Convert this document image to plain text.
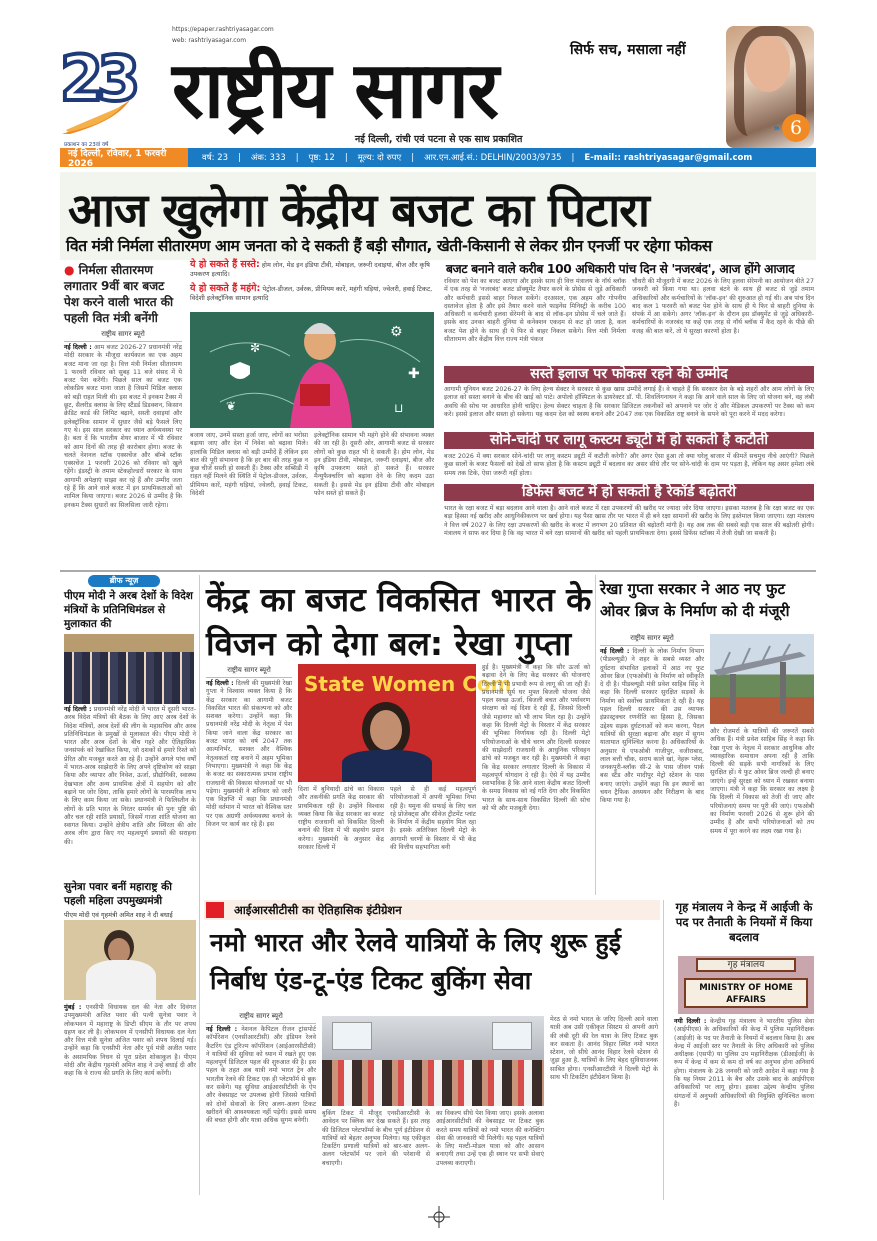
https://epaper.rashtriyasagar.com
web: rashtriyasagar.com
23
प्रकाशन का 23वां वर्ष
राष्ट्रीय सागर	सिर्फ सच, मसाला नहीं
नई दिल्ली, रांची एवं पटना से एक साथ प्रकाशित
6
»
नई दिल्ली, रविवार, 1 फरवरी 2026
वर्ष: 23 | अंक: 333 | पृष्ठ: 12 | मूल्य: दो रुपए | आर.एन.आई.सं.: DELHIN/2003/9735 | E-mail:: rashtriyasagar@gmail.com
आज खुलेगा केंद्रीय बजट का पिटारा
वित मंत्री निर्मला सीतारमण आम जनता को दे सकती हैं बड़ी सौगात, खेती-किसानी से लेकर ग्रीन एनर्जी पर रहेगा फोकस
● निर्मला सीतारमण लगातार 9वीं बार बजट पेश करने वाली भारत की पहली वित मंत्री बनेंगी
राष्ट्रीय सागर ब्यूरो
नई दिल्ली : आम बजट 2026-27 प्रधानमंत्री नरेंद्र मोदी सरकार के मौजूदा कार्यकाल का एक अहम बजट माना जा रहा है। वित्त मंत्री निर्मला सीतारमण 1 फरवरी रविवार को सुबह 11 बजे संसद में ये बजट पेश करेंगी। पिछले साल का बजट एक लोकप्रिय बजट माना जाता है जिसमें मिडिल क्लास को बड़ी राहत मिली थी। इस बजट में इनकम टैक्स में छूट, सैलरीड क्लास के लिए स्टैंडर्ड डिडक्शन, किसान क्रेडिट कार्ड की लिमिट बढ़ाने, सस्ती दवाइयां और इलेक्ट्रॉनिक सामान में सुधार जैसे बड़े फैसले लिए गए थे। इस साल सरकार का ध्यान अर्थव्यवस्था पर है। बता दें कि भारतीय शेयर बाजार में भी रविवार को आम दिनों की तरह ही कारोबार होगा। बजट के चलते नेशनल स्टॉक एक्सचेंज और बॉम्बे स्टॉक एक्सचेंज 1 फरवरी 2026 को रविवार को खुले रहेंगे। इंडस्ट्री के तमाम स्टेकहोल्डरों सरकार के साथ आगामी अपेक्षाएं साझा कर रहे हैं और उम्मीद जता रहे हैं कि आने वाले बजट में इन प्राथमिकताओं को शामिल किया जाएगा। बजट 2026 से उम्मीद है कि इनकम टैक्स सुधारों का सिलसिला जारी रहेगा।
ये हो सकते हैं सस्ते: होम लोन, मेड इन इंडिया टीवी, मोबाइल, जरूरी दवाइयां, बीज और कृषि उपकरण इत्यादि।
ये हो सकते हैं महंगे: पेट्रोल-डीजल, उर्वरक, प्रीमियम कारें, महंगी घड़ियां, ज्वेलरी, हवाई टिकट, विदेशी इलेक्ट्रॉनिक सामान इत्यादि
✼
⚙
✚
⊔
❦
बजाय जाए, उनमें सस्ता हर्जा जाए, लोगों का भरोसा बढ़ाया जाए और देश में निवेश को बढ़ावा मिले। हालांकि मिडिल क्लास को बड़ी उम्मीदें हैं लेकिन इस बात की पूरी संभावना है कि हर बार की तरह कुछ न कुछ चीजें सस्ती हो सकती हैं। टैक्स और सब्सिडी में राहत नहीं मिलने की स्थिति में पेट्रोल-डीजल, उर्वरक, प्रीमियम कारें, महंगी घड़ियां, ज्वेलरी, हवाई टिकट, विदेशी
इलेक्ट्रॉनिक सामान भी महंगे होने की संभावना व्यक्त की जा रही है। दूसरी ओर, आगामी बजट से सरकार लोगों को कुछ राहत भी दे सकती है। होम लोन, मेड इन इंडिया टीवी, मोबाइल, जरूरी दवाइयां, बीज और कृषि उपकरण सस्ते हो सकते हैं। सरकार मैन्युफैक्चरिंग को बढ़ावा देने के लिए कदम उठा सकती है। इससे मेड इन इंडिया टीवी और मोबाइल फोन सस्ते हो सकते हैं।
बजट बनाने वाले करीब 100 अधिकारी पांच दिन से 'नजरबंद', आज होंगे आजाद
रविवार को पेश का बजट आएगा और इसके साथ ही वित्त मंत्रालय के नॉर्थ ब्लॉक में एक तरह से 'नजरबंद' बजट डॉक्यूमेंट तैयार करने के प्रोसेस से जुड़े अधिकारी और कर्मचारी इससे बाहर निकल सकेंगे। दरअसल, एक अहम और गोपनीय दस्तावेज होता है और इसे तैयार करने वाले फाइनेंस मिनिस्ट्री के करीब 100 अधिकारी व कर्मचारी हलवा सेरेमनी के बाद से लॉक-इन प्रोसेस में चले जाते हैं। इसके बाद उनका बाहरी दुनिया से कनेक्शन एकदम से कट हो जाता है, कल बजट पेश होने के साथ ही ये फिर से बाहर निकल सकेंगे। वित्त मंत्री निर्मला सीतारमण और केंद्रीय वित्त राज्य मंत्री पंकज
चौधरी की मौजूदगी में बजट 2026 के लिए हलवा सेरेमनी का आयोजन बीते 27 जनवरी को किया गया था। हलवा बंटने के साथ ही बजट से जुड़े तमाम अधिकारियों और कर्मचारियों के 'लॉक-इन' की शुरुआत हो गई थी। अब पांच दिन बाद कल 1 फरवरी को बजट पेश होने के साथ ही ये फिर से बाहरी दुनिया के संपर्क में आ सकेंगे। अगर 'लॉक-इन' के दौरान इस डॉक्युमेंट से जुड़े अधिकारी-कर्मचारियों के नजरबंद या कहें एक तरह से नॉर्थ ब्लॉक में कैद रहने के पीछे की वजह की बात करें, तो ये सुरक्षा कारणों होता है।
सस्ते इलाज पर फोकस रहने की उम्मीद
आगामी यूनियन बजट 2026-27 के लिए हेल्थ सेक्टर ने सरकार से कुछ खास उम्मीदें लगाई हैं। वे चाहते हैं कि सरकार देश के बड़े शहरों और आम लोगों के लिए इलाज को सस्ता बनाने के बीच की खाई को पाटे। अपोलो हॉस्पिटल के डायरेक्टर डॉ. पी. शिवलिंगनाथन ने कहा कि आने वाले साल के लिए जो योजना बने, वह लंबी अवधि की सोच पर आधारित होनी चाहिए। हेल्थ सेक्टर चाहता है कि सरकार डिजिटल तकनीकों को अपनाने पर जोर दे और मेडिकल उपकरणों पर टैक्स को कम करे। इससे इलाज और सस्ता हो सकेगा। यह कदम देश को स्वस्थ बनाने और 2047 तक एक विकसित राष्ट्र बनाने के सपने को पूरा करने में मदद करेगा।
सोने-चांदी पर लागू कस्टम ड्यूटी में हो सकती है कटौती
बजट 2026 में क्या सरकार सोने-चांदी पर लागू कस्टम ड्यूटी में कटौती करेगी? और अगर ऐसा हुआ तो क्या घरेलू बाजार में कीमतें सचमुच नीचे आएंगी? पिछले कुछ सालों के बजट फैसलों को देखें तो साफ होता है कि कस्टम ड्यूटी में बदलाव का असर सीधे तौर पर सोने-चांदी के दाम पर पड़ता है, लेकिन यह असर हमेशा लंबे समय तक टिके, ऐसा जरूरी नहीं होता।
डिफेंस बजट में हो सकती है रेकॉर्ड बढ़ोतरी
भारत के रक्षा बजट में बड़ा बदलाव आने वाला है। आने वाले बजट में रक्षा उपकरणों की खरीद पर ज्यादा जोर दिया जाएगा। इसका मतलब है कि रक्षा बजट का एक बड़ा हिस्सा नई खरीद और आधुनिकीकरण पर खर्च होगा। यह पैसा खास तौर पर भारत में ही बने रक्षा सामानों की खरीद के लिए इस्तेमाल किया जाएगा। रक्षा मंत्रालय ने वित्त वर्ष 2027 के लिए रक्षा उपकरणों की खरीद के बजट में लगभग 20 प्रतिशत की बढ़ोतरी मांगी है। यह अब तक की सबसे बड़ी एक साल की बढ़ोतरी होगी। मंत्रालय ने साफ कर दिया है कि वह भारत में बने रक्षा सामानों की खरीद को पहली प्राथमिकता देगा। इससे डिफेंस स्टॉक्स में तेजी देखी जा सकती है।
ब्रीफ न्यूज़
पीएम मोदी ने अरब देशों के विदेश मंत्रियों के प्रतिनिधिमंडल से मुलाकात की
नई दिल्ली : प्रधानमंत्री नरेंद्र मोदी ने भारत में दूसरी भारत-अरब विदेश मंत्रियों की बैठक के लिए आए अरब देशों के विदेश मंत्रियों, अरब देशों की लीग के महासचिव और अरब प्रतिनिधिमंडल के प्रमुखों से मुलाकात की। पीएम मोदी ने भारत और अरब देशों के बीच गहरे और ऐतिहासिक जनसंपर्क को रेखांकित किया, जो दशकों से हमारे रिश्ते को प्रेरित और मजबूत करते आ रहे हैं। उन्होंने अगले पांच वर्षों में भारत-अरब साझेदारी के लिए अपने दृष्टिकोण को साझा किया और व्यापार और निवेश, ऊर्जा, प्रौद्योगिकी, स्वास्थ्य देखभाल और अन्य प्राथमिक क्षेत्रों में सहयोग को और बढ़ाने पर जोर दिया, ताकि हमारे लोगों के पारस्परिक लाभ के लिए काम किया जा सके। प्रधानमंत्री ने फिलिस्तीन के लोगों के प्रति भारत के निरंतर समर्थन की पुनः पुष्टि की और चल रही शांति प्रयासों, जिसमें गाजा शांति योजना का स्वागत किया। उन्होंने क्षेत्रीय शांति और स्थिरता की ओर अरब लीग द्वारा किए गए महत्वपूर्ण प्रयासों की सराहना की।
सुनेत्रा पवार बनीं महाराष्ट्र की पहली महिला उपमुख्यमंत्री
पीएम मोदी एवं गृहमंत्री अमित शाह ने दी बधाई
मुंबई : एनसीपी विधायक दल की नेता और दिवंगत उपमुख्यमंत्री अजित पवार की पत्नी सुनेत्रा पवार ने लोकभवन में महाराष्ट्र के डिप्टी सीएम के तौर पर शपथ ग्रहण कर ली है। लोकभवन में एनसीपी विधायक दल नेता और वित्त मंत्री सुनेत्रा अजित पवार को शपथ दिलाई गई। उन्होंने कहा कि एनसीपी नेता और पूर्व मंत्री अजीत पवार के असामयिक निधन से पूरा प्रदेश शोकाकुल है। पीएम मोदी और केंद्रीय गृहमंत्री अमित शाह ने उन्हें बधाई दी और कहा कि वे राज्य की प्रगति के लिए कार्य करेंगी।
केंद्र का बजट विकसित भारत के विजन को देगा बल: रेखा गुप्ता
राष्ट्रीय सागर ब्यूरो
नई दिल्ली : दिल्ली की मुख्यमंत्री रेखा गुप्ता ने विश्वास व्यक्त किया है कि केंद्र सरकार का आगामी बजट विकसित भारत की संकल्पना को और सशक्त करेगा। उन्होंने कहा कि प्रधानमंत्री नरेंद्र मोदी के नेतृत्व में पेश किया जाने वाला केंद्र सरकार का बजट भारत को वर्ष 2047 तक आत्मनिर्भर, सशक्त और वैश्विक नेतृत्वकर्ता राष्ट्र बनाने में अहम भूमिका निभाएगा। मुख्यमंत्री ने कहा कि केंद्र के बजट का सकारात्मक प्रभाव राष्ट्रीय राजधानी की विकास योजनाओं पर भी पड़ेगा। मुख्यमंत्री ने शनिवार को जारी एक विज्ञप्ति में कहा कि प्रधानमंत्री मोदी वर्तमान में भारत को वैश्विक स्तर पर एक अग्रणी अर्थव्यवस्था बनाने के विजन पर कार्य कर रहे हैं। इस
State Women Com
दिशा में बुनियादी ढांचे का विकास और तकनीकी प्रगति केंद्र सरकार की प्राथमिकता रही है। उन्होंने विश्वास व्यक्त किया कि केंद्र सरकार का बजट राष्ट्रीय राजधानी को विकसित दिल्ली बनाने की दिशा में भी सहयोग प्रदान करेगा। मुख्यमंत्री के अनुसार केंद्र सरकार दिल्ली में
पहले से ही कई महत्वपूर्ण परियोजनाओं में अपनी भूमिका निभा रही है। यमुना की सफाई के लिए चल रहे प्रोजेक्ट्स और सीवेज ट्रीटमेंट प्लांट के निर्माण में केंद्रीय सहयोग मिल रहा है। इसके अतिरिक्त दिल्ली मेट्रो के आगामी चरणों के विस्तार में भी केंद्र की वित्तीय सहभागिता बनी
हुई है। मुख्यमंत्री ने कहा कि सौर ऊर्जा को बढ़ावा देने के लिए केंद्र सरकार की योजनाएं दिल्ली में भी प्रभावी रूप से लागू की जा रही हैं। प्रधानमंत्री सूर्य घर मुफ्त बिजली योजना जैसे पहल स्वच्छ ऊर्जा, बिजली बचत और पर्यावरण संरक्षण को नई दिशा दे रही हैं, जिससे दिल्ली जैसे महानगर को भी लाभ मिल रहा है। उन्होंने कहा कि दिल्ली मेट्रो के विस्तार में केंद्र सरकार की भूमिका निर्णायक रही है। दिल्ली मेट्रो परियोजनाओं के चौथे चरण और दिल्ली सरकार की साझेदारी राजधानी के आधुनिक परिवहन ढांचे को मजबूत कर रही है। मुख्यमंत्री ने कहा कि केंद्र सरकार लगातार दिल्ली के विकास में महत्वपूर्ण योगदान दे रही है। ऐसे में यह उम्मीद स्वाभाविक है कि आने वाला केंद्रीय बजट दिल्ली के समग्र विकास को नई गति देगा और विकसित भारत के साथ-साथ विकसित दिल्ली की सोच को भी और मजबूती देगा।
रेखा गुप्ता सरकार ने आठ नए फुट ओवर ब्रिज के निर्माण को दी मंजूरी
राष्ट्रीय सागर ब्यूरो
नई दिल्ली : दिल्ली के लोक निर्माण विभाग (पीडब्ल्यूडी) ने शहर के सबसे व्यस्त और दुर्घटना संभावित इलाकों में आठ नए फुट ओवर ब्रिज (एफओबी) के निर्माण को स्वीकृति दे दी है। पीडब्ल्यूडी मंत्री प्रवेश साहिब सिंह ने कहा कि दिल्ली सरकार सुरक्षित सड़कों के निर्माण को सर्वोच्च प्राथमिकता दे रही है। यह पहल दिल्ली सरकार की उस व्यापक इंफ्रास्ट्रक्चर रणनीति का हिस्सा है, जिसका उद्देश्य सड़क दुर्घटनाओं को कम करना, पैदल यात्रियों की सुरक्षा बढ़ाना और शहर में सुगम यातायात सुनिश्चित करना है। अधिकारियों के अनुसार ये एफओबी गाजीपुर, वजीराबाद, लाल बत्ती चौक, सराय काले खां, नेहरू प्लेस, जनकपुरी-ब्लॉक सी-2 के पास जीवन पार्क बस स्टैंड और मादीपुर मेट्रो स्टेशन के पास बनाए जाएंगे। उन्होंने कहा कि इन स्थानों का चयन ट्रैफिक अध्ययन और निरीक्षण के बाद किया गया है।
और रोजमर्रा के यात्रियों की जरूरतें सबसे अधिक हैं। मंत्री प्रवेश साहिब सिंह ने कहा कि रेखा गुप्ता के नेतृत्व में सरकार आधुनिक और व्यावहारिक समाधान अपना रही है ताकि दिल्ली की सड़कें सभी नागरिकों के लिए सुरक्षित हों। ये फुट ओवर ब्रिज जल्दी ही बनाए जाएंगे। इन्हें सुरक्षा को ध्यान में रखकर बनाया जाएगा। मंत्री ने कहा कि सरकार का लक्ष्य है कि दिल्ली में विकास को तेजी दी जाए और परियोजनाएं समय पर पूरी की जाएं। एफओबी का निर्माण फरवरी 2026 से शुरू होने की उम्मीद है और सभी परियोजनाओं को तय समय में पूरा करने का लक्ष्य रखा गया है।
आईआरसीटीसी का ऐतिहासिक इंटीग्रेशन
नमो भारत और रेलवे यात्रियों के लिए शुरू हुई निर्बाध एंड-टू-एंड टिकट बुकिंग सेवा
राष्ट्रीय सागर ब्यूरो
नई दिल्ली : नेशनल कैपिटल रीजन ट्रांसपोर्ट कॉर्पोरेशन (एनसीआरटीसी) और इंडियन रेलवे कैटरिंग एंड टूरिज्म कॉर्पोरेशन (आईआरसीटीसी) ने यात्रियों की सुविधा को ध्यान में रखते हुए एक महत्वपूर्ण डिजिटल पहल की शुरुआत की है। इस पहल के तहत अब यात्री नमो भारत ट्रेन और भारतीय रेलवे की टिकट एक ही प्लेटफॉर्म से बुक कर सकेंगे। यह सुविधा आईआरसीटीसी के ऐप और वेबसाइट पर उपलब्ध होगी जिससे यात्रियों को दोनों सेवाओं के लिए अलग-अलग टिकट खरीदने की आवश्यकता नहीं पड़ेगी। इससे समय की बचत होगी और यात्रा अधिक सुगम बनेगी।
बुकिंग टिकट में मौजूद एनसीआरटीसी के आवेदन पर क्लिक कर देख सकते हैं। इस तरह की डिजिटल प्लेटफॉर्म्स के बीच पूर्ण इंटीग्रेशन से यात्रियों को बेहतर अनुभव मिलेगा। यह एकीकृत टिकटिंग प्रणाली यात्रियों को बार-बार अलग-अलग प्लेटफॉर्म पर जाने की परेशानी से बचाएगी।
का विकल्प सीधे पेश किया जाए। इसके अलावा आईआरसीटीसी की वेबसाइट पर टिकट बुक करते समय यात्रियों को नमो भारत की कनेक्टिंग सेवा की जानकारी भी मिलेगी। यह पहल यात्रियों के लिए मल्टी-मोडल यात्रा को और आसान बनाएगी तथा उन्हें एक ही स्थान पर सभी सेवाएं उपलब्ध कराएगी।
मेरठ से नमो भारत के जरिए दिल्ली आने वाला यात्री अब उसी एकीकृत सिस्टम से अपनी आगे की लंबी दूरी की रेल यात्रा के लिए टिकट बुक कर सकता है। आनंद विहार स्थित नमो भारत स्टेशन, जो सीधे आनंद विहार रेलवे स्टेशन से जुड़ा हुआ है, यात्रियों के लिए बेहद सुविधाजनक साबित होगा। एनसीआरटीसी ने दिल्ली मेट्रो के साथ भी टिकटिंग इंटीग्रेशन किया है।
गृह मंत्रालय ने केन्द्र में आईजी के पद पर तैनाती के नियमों में किया बदलाव
गृह मंत्रालय
MINISTRY OF HOME AFFAIRS
नयी दिल्ली : केन्द्रीय गृह मंत्रालय ने भारतीय पुलिस सेवा (आईपीएस) के अधिकारियों की केन्द्र में पुलिस महानिरीक्षक (आईजी) के पद पर तैनाती के नियमों में बदलाव किया है। अब केन्द्र में आईजी स्तर पर तैनाती के लिए अधिकारी को पुलिस अधीक्षक (एसपी) या पुलिस उप महानिरीक्षक (डीआईजी) के रूप में केन्द्र में कम से कम दो वर्ष का अनुभव होना अनिवार्य होगा। मंत्रालय के 28 जनवरी को जारी आदेश में कहा गया है कि यह नियम 2011 के बैच और उसके बाद के आईपीएस अधिकारियों पर लागू होगा। इसका उद्देश्य केन्द्रीय पुलिस संगठनों में अनुभवी अधिकारियों की नियुक्ति सुनिश्चित करना है।
